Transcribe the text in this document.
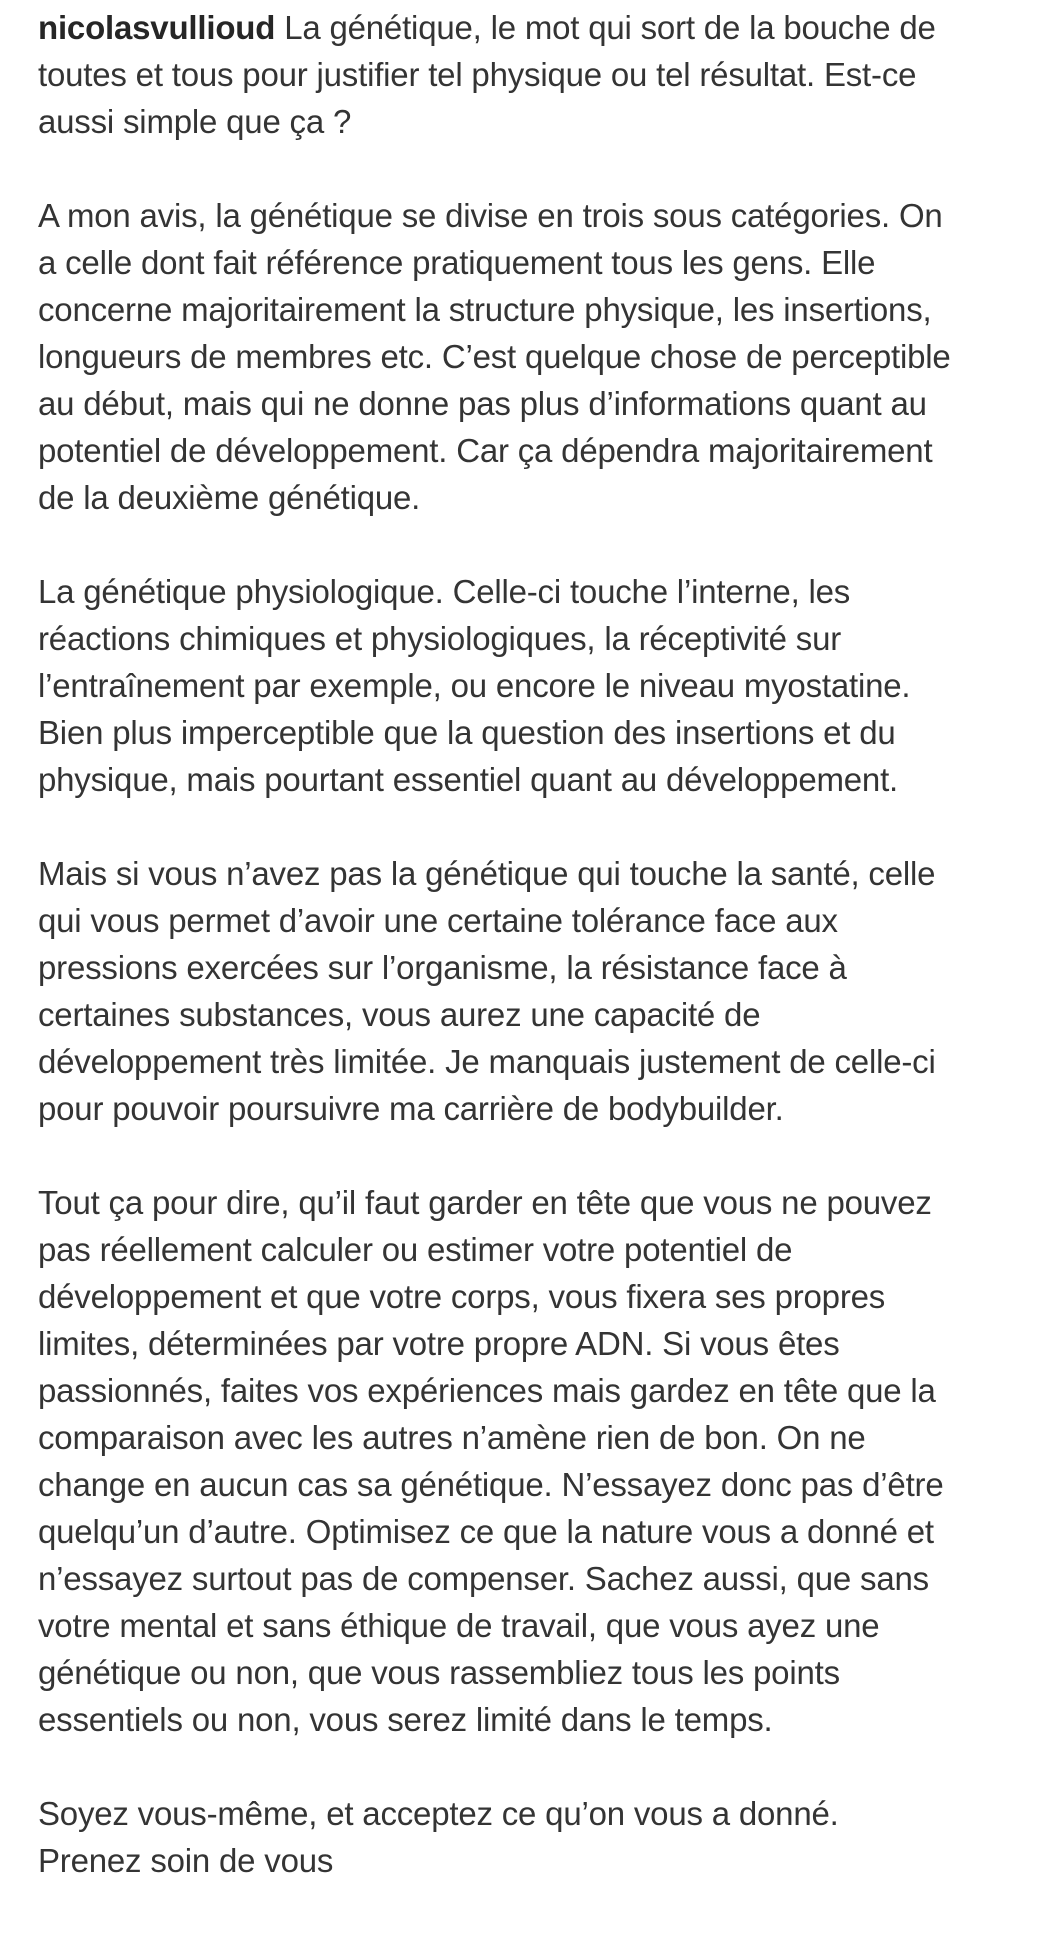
nicolasvullioud La génétique, le mot qui sort de la bouche de
toutes et tous pour justifier tel physique ou tel résultat. Est-ce
aussi simple que ça ?
A mon avis, la génétique se divise en trois sous catégories. On
a celle dont fait référence pratiquement tous les gens. Elle
concerne majoritairement la structure physique, les insertions,
longueurs de membres etc. C’est quelque chose de perceptible
au début, mais qui ne donne pas plus d’informations quant au
potentiel de développement. Car ça dépendra majoritairement
de la deuxième génétique.
La génétique physiologique. Celle-ci touche l’interne, les
réactions chimiques et physiologiques, la réceptivité sur
l’entraînement par exemple, ou encore le niveau myostatine.
Bien plus imperceptible que la question des insertions et du
physique, mais pourtant essentiel quant au développement.
Mais si vous n’avez pas la génétique qui touche la santé, celle
qui vous permet d’avoir une certaine tolérance face aux
pressions exercées sur l’organisme, la résistance face à
certaines substances, vous aurez une capacité de
développement très limitée. Je manquais justement de celle-ci
pour pouvoir poursuivre ma carrière de bodybuilder.
Tout ça pour dire, qu’il faut garder en tête que vous ne pouvez
pas réellement calculer ou estimer votre potentiel de
développement et que votre corps, vous fixera ses propres
limites, déterminées par votre propre ADN. Si vous êtes
passionnés, faites vos expériences mais gardez en tête que la
comparaison avec les autres n’amène rien de bon. On ne
change en aucun cas sa génétique. N’essayez donc pas d’être
quelqu’un d’autre. Optimisez ce que la nature vous a donné et
n’essayez surtout pas de compenser. Sachez aussi, que sans
votre mental et sans éthique de travail, que vous ayez une
génétique ou non, que vous rassembliez tous les points
essentiels ou non, vous serez limité dans le temps.
Soyez vous-même, et acceptez ce qu’on vous a donné.
Prenez soin de vous
